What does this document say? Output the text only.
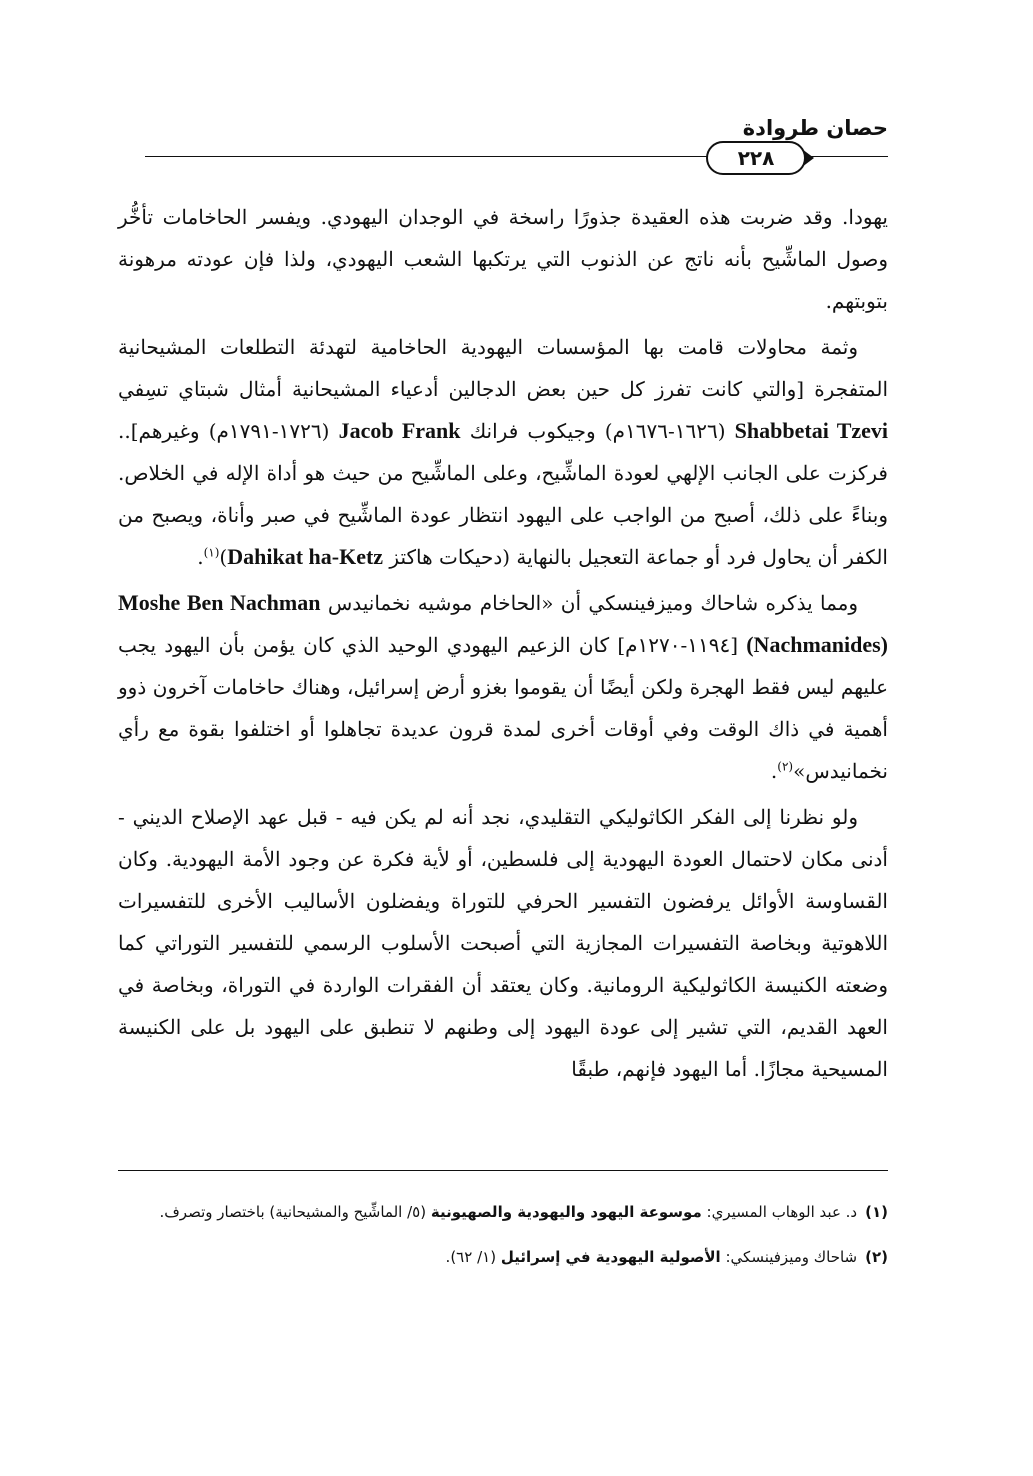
حصان طروادة
٢٢٨

يهودا. وقد ضربت هذه العقيدة جذورًا راسخة في الوجدان اليهودي. ويفسر الحاخامات تأخُّر وصول الماشِّيح بأنه ناتج عن الذنوب التي يرتكبها الشعب اليهودي، ولذا فإن عودته مرهونة بتوبتهم.

وثمة محاولات قامت بها المؤسسات اليهودية الحاخامية لتهدئة التطلعات المشيحانية المتفجرة [والتي كانت تفرز كل حين بعض الدجالين أدعياء المشيحانية أمثال شبتاي تسِفي Shabbetai Tzevi (١٦٢٦-١٦٧٦م) وجيكوب فرانك Jacob Frank (١٧٢٦-١٧٩١م) وغيرهم].. فركزت على الجانب الإلهي لعودة الماشِّيح، وعلى الماشِّيح من حيث هو أداة الإله في الخلاص. وبناءً على ذلك، أصبح من الواجب على اليهود انتظار عودة الماشِّيح في صبر وأناة، ويصبح من الكفر أن يحاول فرد أو جماعة التعجيل بالنهاية (دحيكات هاكتز Dahikat ha-Ketz)$^{(١)}$.

ومما يذكره شاحاك وميزفينسكي أن «الحاخام موشيه نخمانيدس Moshe Ben Nachman (Nachmanides) [١١٩٤-١٢٧٠م] كان الزعيم اليهودي الوحيد الذي كان يؤمن بأن اليهود يجب عليهم ليس فقط الهجرة ولكن أيضًا أن يقوموا بغزو أرض إسرائيل، وهناك حاخامات آخرون ذوو أهمية في ذاك الوقت وفي أوقات أخرى لمدة قرون عديدة تجاهلوا أو اختلفوا بقوة مع رأي نخمانيدس»$^{(٢)}$.

ولو نظرنا إلى الفكر الكاثوليكي التقليدي، نجد أنه لم يكن فيه - قبل عهد الإصلاح الديني - أدنى مكان لاحتمال العودة اليهودية إلى فلسطين، أو لأية فكرة عن وجود الأمة اليهودية. وكان القساوسة الأوائل يرفضون التفسير الحرفي للتوراة ويفضلون الأساليب الأخرى للتفسيرات اللاهوتية وبخاصة التفسيرات المجازية التي أصبحت الأسلوب الرسمي للتفسير التوراتي كما وضعته الكنيسة الكاثوليكية الرومانية. وكان يعتقد أن الفقرات الواردة في التوراة، وبخاصة في العهد القديم، التي تشير إلى عودة اليهود إلى وطنهم لا تنطبق على اليهود بل على الكنيسة المسيحية مجازًا. أما اليهود فإنهم، طبقًا

(١)د. عبد الوهاب المسيري: موسوعة اليهود واليهودية والصهيونية (٥/ الماشِّيح والمشيحانية) باختصار وتصرف.
(٢)شاحاك وميزفينسكي: الأصولية اليهودية في إسرائيل (١/ ٦٢).
